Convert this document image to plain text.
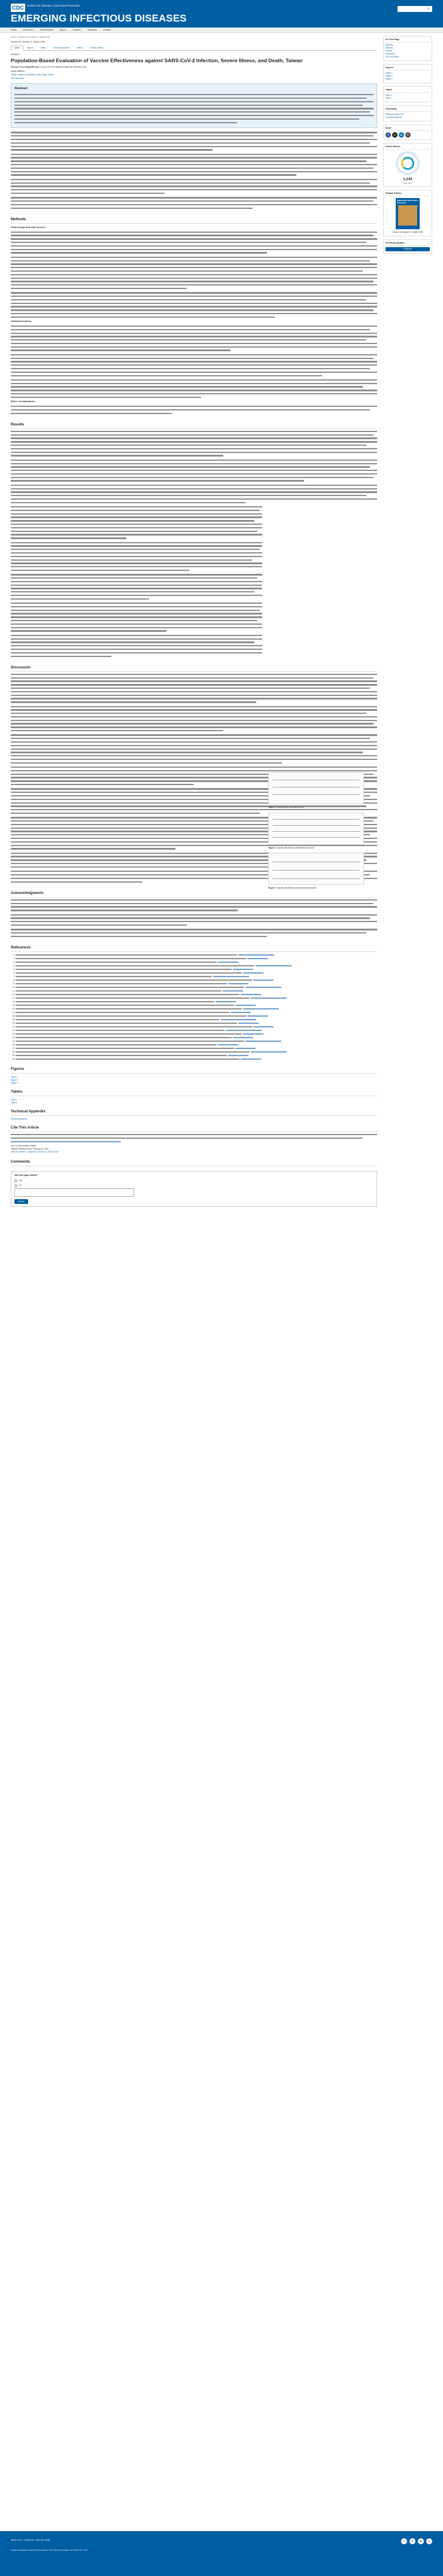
CDC	Centers for Disease Control and Prevention
EMERGING INFECTIOUS DISEASES
⌕
Home	Volume 30▾	Early Release	About▾	Authors▾	Subscribe	Contact
Home > Volume 30 > Number 3 > March 2024
Volume 30, Number 3—March 2024
Article	Figures	Tables	Technical Appendix	Metrics	Related Articles
Research
Population-Based Evaluation of Vaccine Effectiveness against SARS-CoV-2 Infection, Severe Illness, and Death, Taiwan
Cheng-Yi Lee, Hung-Wei Kuo, Yu-Lun Liu, Jen-Hsiang Chuang, and Jih-Haw Chou
Author affiliation:
Taiwan Centers for Disease Control, Taipei, Taiwan
Cite This Article
Abstract
Methods
Study Design and Data Sources
Statistical Analysis
Ethics Considerations
Results
Discussion
Acknowledgments
References
1.
2.
3.
4.
5.
6.
7.
8.
9.
10.
11.
12.
13.
14.
15.
16.
17.
18.
19.
20.
21.
22.
23.
24.
25.
26.
27.
28.
29.
30.
Figures
Figure 1
Figure 2
Figure 3
Tables
Table 1
Table 2
Technical Appendix
Technical Appendix
Cite This Article
DOI: 10.3201/eid3003.230893
Original Publication Date: February 06, 2024
Table of Contents – Volume 30, Number 3—March 2024
Comments
Was this page helpful?
Yes
No
Submit
Figure 1. Study timeline and data sources
Figure 2. Vaccine effectiveness estimates by outcome
Figure 3. Vaccine effectiveness by time since vaccination
On This Page
Abstract
Methods
Results
Discussion
Cite This Article
Figures
Figure 1
Figure 2
Figure 3
Tables
Table 1
Table 2
Downloads
Download Article PDF
Technical Appendix
Share
f	X	in	✉
Article Metrics
1,234
Page Views
Related Articles
EMERGING INFECTIOUS DISEASES
Volume 30, Number 3—March 2024
Get Email Updates
Subscribe
About CDC · Contact Us · 800-232-4636
Centers for Disease Control and Prevention. 1600 Clifton Rd. Atlanta, GA 30329-4027 USA
f	X	▶	◎
